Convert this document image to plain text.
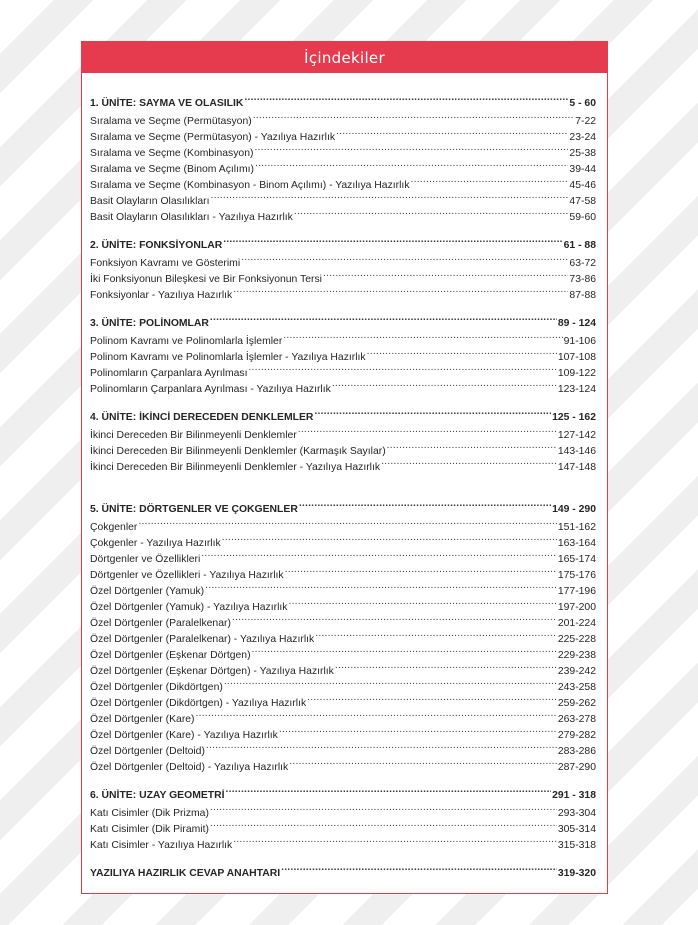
İçindekiler
1. ÜNİTE: SAYMA VE OLASILIK .....	5 - 60
Sıralama ve Seçme (Permütasyon) .....	7-22
Sıralama ve Seçme (Permütasyon) - Yazılıya Hazırlık .....	23-24
Sıralama ve Seçme (Kombinasyon) .....	25-38
Sıralama ve Seçme (Binom Açılımı) .....	39-44
Sıralama ve Seçme (Kombinasyon - Binom Açılımı) - Yazılıya Hazırlık .....	45-46
Basit Olayların Olasılıkları .....	47-58
Basit Olayların Olasılıkları - Yazılıya Hazırlık .....	59-60
2. ÜNİTE: FONKSİYONLAR .....	61 - 88
Fonksiyon Kavramı ve Gösterimi .....	63-72
İki Fonksiyonun Bileşkesi ve Bir Fonksiyonun Tersi .....	73-86
Fonksiyonlar - Yazılıya Hazırlık .....	87-88
3. ÜNİTE: POLİNOMLAR .....	89 - 124
Polinom Kavramı ve Polinomlarla İşlemler .....	91-106
Polinom Kavramı ve Polinomlarla İşlemler - Yazılıya Hazırlık .....	107-108
Polinomların Çarpanlara Ayrılması .....	109-122
Polinomların Çarpanlara Ayrılması - Yazılıya Hazırlık .....	123-124
4. ÜNİTE: İKİNCİ DERECEDEN DENKLEMLER .....	125 - 162
İkinci Dereceden Bir Bilinmeyenli Denklemler .....	127-142
İkinci Dereceden Bir Bilinmeyenli Denklemler (Karmaşık Sayılar) .....	143-146
İkinci Dereceden Bir Bilinmeyenli Denklemler - Yazılıya Hazırlık .....	147-148
5. ÜNİTE: DÖRTGENLER VE ÇOKGENLER .....	149 - 290
Çokgenler .....	151-162
Çokgenler - Yazılıya Hazırlık .....	163-164
Dörtgenler ve Özellikleri .....	165-174
Dörtgenler ve Özellikleri - Yazılıya Hazırlık .....	175-176
Özel Dörtgenler (Yamuk) .....	177-196
Özel Dörtgenler (Yamuk) - Yazılıya Hazırlık .....	197-200
Özel Dörtgenler (Paralelkenar) .....	201-224
Özel Dörtgenler (Paralelkenar) - Yazılıya Hazırlık .....	225-228
Özel Dörtgenler (Eşkenar Dörtgen) .....	229-238
Özel Dörtgenler (Eşkenar Dörtgen) - Yazılıya Hazırlık .....	239-242
Özel Dörtgenler (Dikdörtgen) .....	243-258
Özel Dörtgenler (Dikdörtgen) - Yazılıya Hazırlık .....	259-262
Özel Dörtgenler (Kare) .....	263-278
Özel Dörtgenler (Kare) - Yazılıya Hazırlık .....	279-282
Özel Dörtgenler (Deltoid) .....	283-286
Özel Dörtgenler (Deltoid) - Yazılıya Hazırlık .....	287-290
6. ÜNİTE: UZAY GEOMETRİ .....	291 - 318
Katı Cisimler (Dik Prizma) .....	293-304
Katı Cisimler (Dik Piramit) .....	305-314
Katı Cisimler - Yazılıya Hazırlık .....	315-318
YAZILIYA HAZIRLIK CEVAP ANAHTARI .....	319-320
